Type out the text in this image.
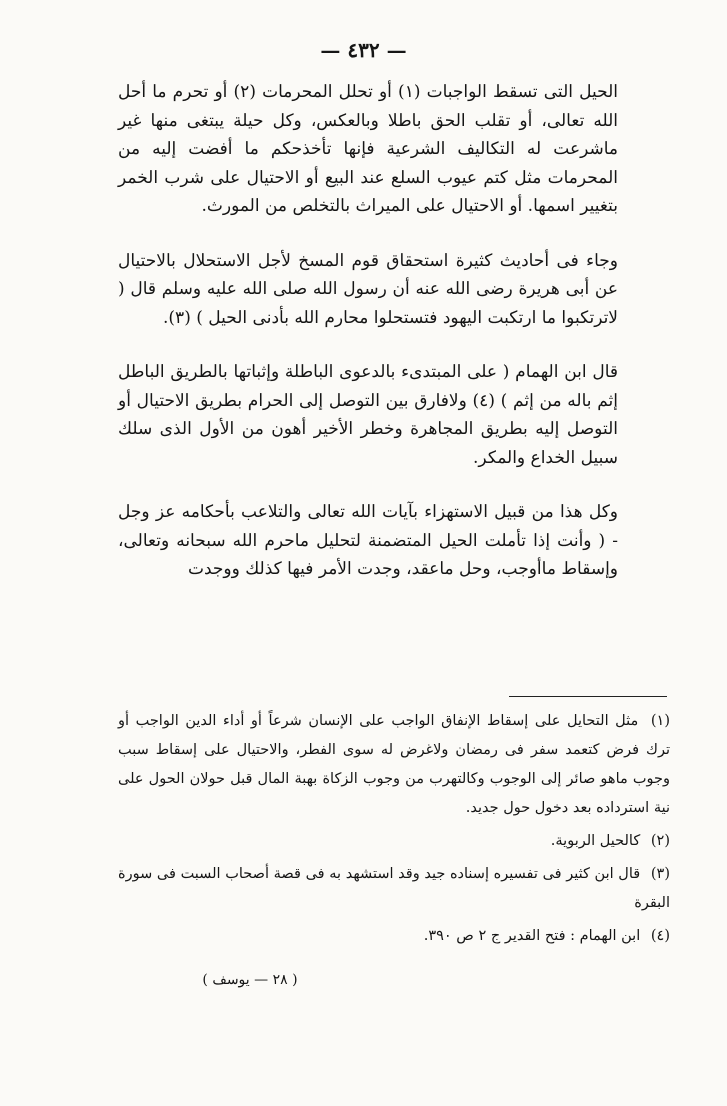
— ٤٣٢ —

الحيل التى تسقط الواجبات (١) أو تحلل المحرمات (٢) أو تحرم ما أحل الله تعالى، أو تقلب الحق باطلا وبالعكس، وكل حيلة يبتغى منها غير ماشرعت له التكاليف الشرعية فإنها تأخذحكم ما أفضت إليه من المحرمات مثل كتم عيوب السلع عند البيع أو الاحتيال على شرب الخمر بتغيير اسمها. أو الاحتيال على الميراث بالتخلص من المورث.

وجاء فى أحاديث كثيرة استحقاق قوم المسخ لأجل الاستحلال بالاحتيال عن أبى هريرة رضى الله عنه أن رسول الله صلى الله عليه وسلم قال ( لاترتكبوا ما ارتكبت اليهود فتستحلوا محارم الله بأدنى الحيل ) (٣).

قال ابن الهمام ( على المبتدىء بالدعوى الباطلة وإثباتها بالطريق الباطل إثم باله من إثم ) (٤) ولافارق بين التوصل إلى الحرام بطريق الاحتيال أو التوصل إليه بطريق المجاهرة وخطر الأخير أهون من الأول الذى سلك سبيل الخداع والمكر.

وكل هذا من قبيل الاستهزاء بآيات الله تعالى والتلاعب بأحكامه عز وجل - ( وأنت إذا تأملت الحيل المتضمنة لتحليل ماحرم الله سبحانه وتعالى، وإسقاط ماأوجب، وحل ماعقد، وجدت الأمر فيها كذلك ووجدت

(١) مثل التحايل على إسقاط الإنفاق الواجب على الإنسان شرعاً أو أداء الدين الواجب أو ترك فرض كتعمد سفر فى رمضان ولاغرض له سوى الفطر، والاحتيال على إسقاط سبب وجوب ماهو صائر إلى الوجوب وكالتهرب من وجوب الزكاة بهبة المال قبل حولان الحول على نية استرداده بعد دخول حول جديد.

(٢) كالحيل الربوية.

(٣) قال ابن كثير فى تفسيره إسناده جيد وقد استشهد به فى قصة أصحاب السبت فى سورة البقرة

(٤) ابن الهمام : فتح القدير ج ٢ ص ٣٩٠.

( ٢٨ — يوسف )
